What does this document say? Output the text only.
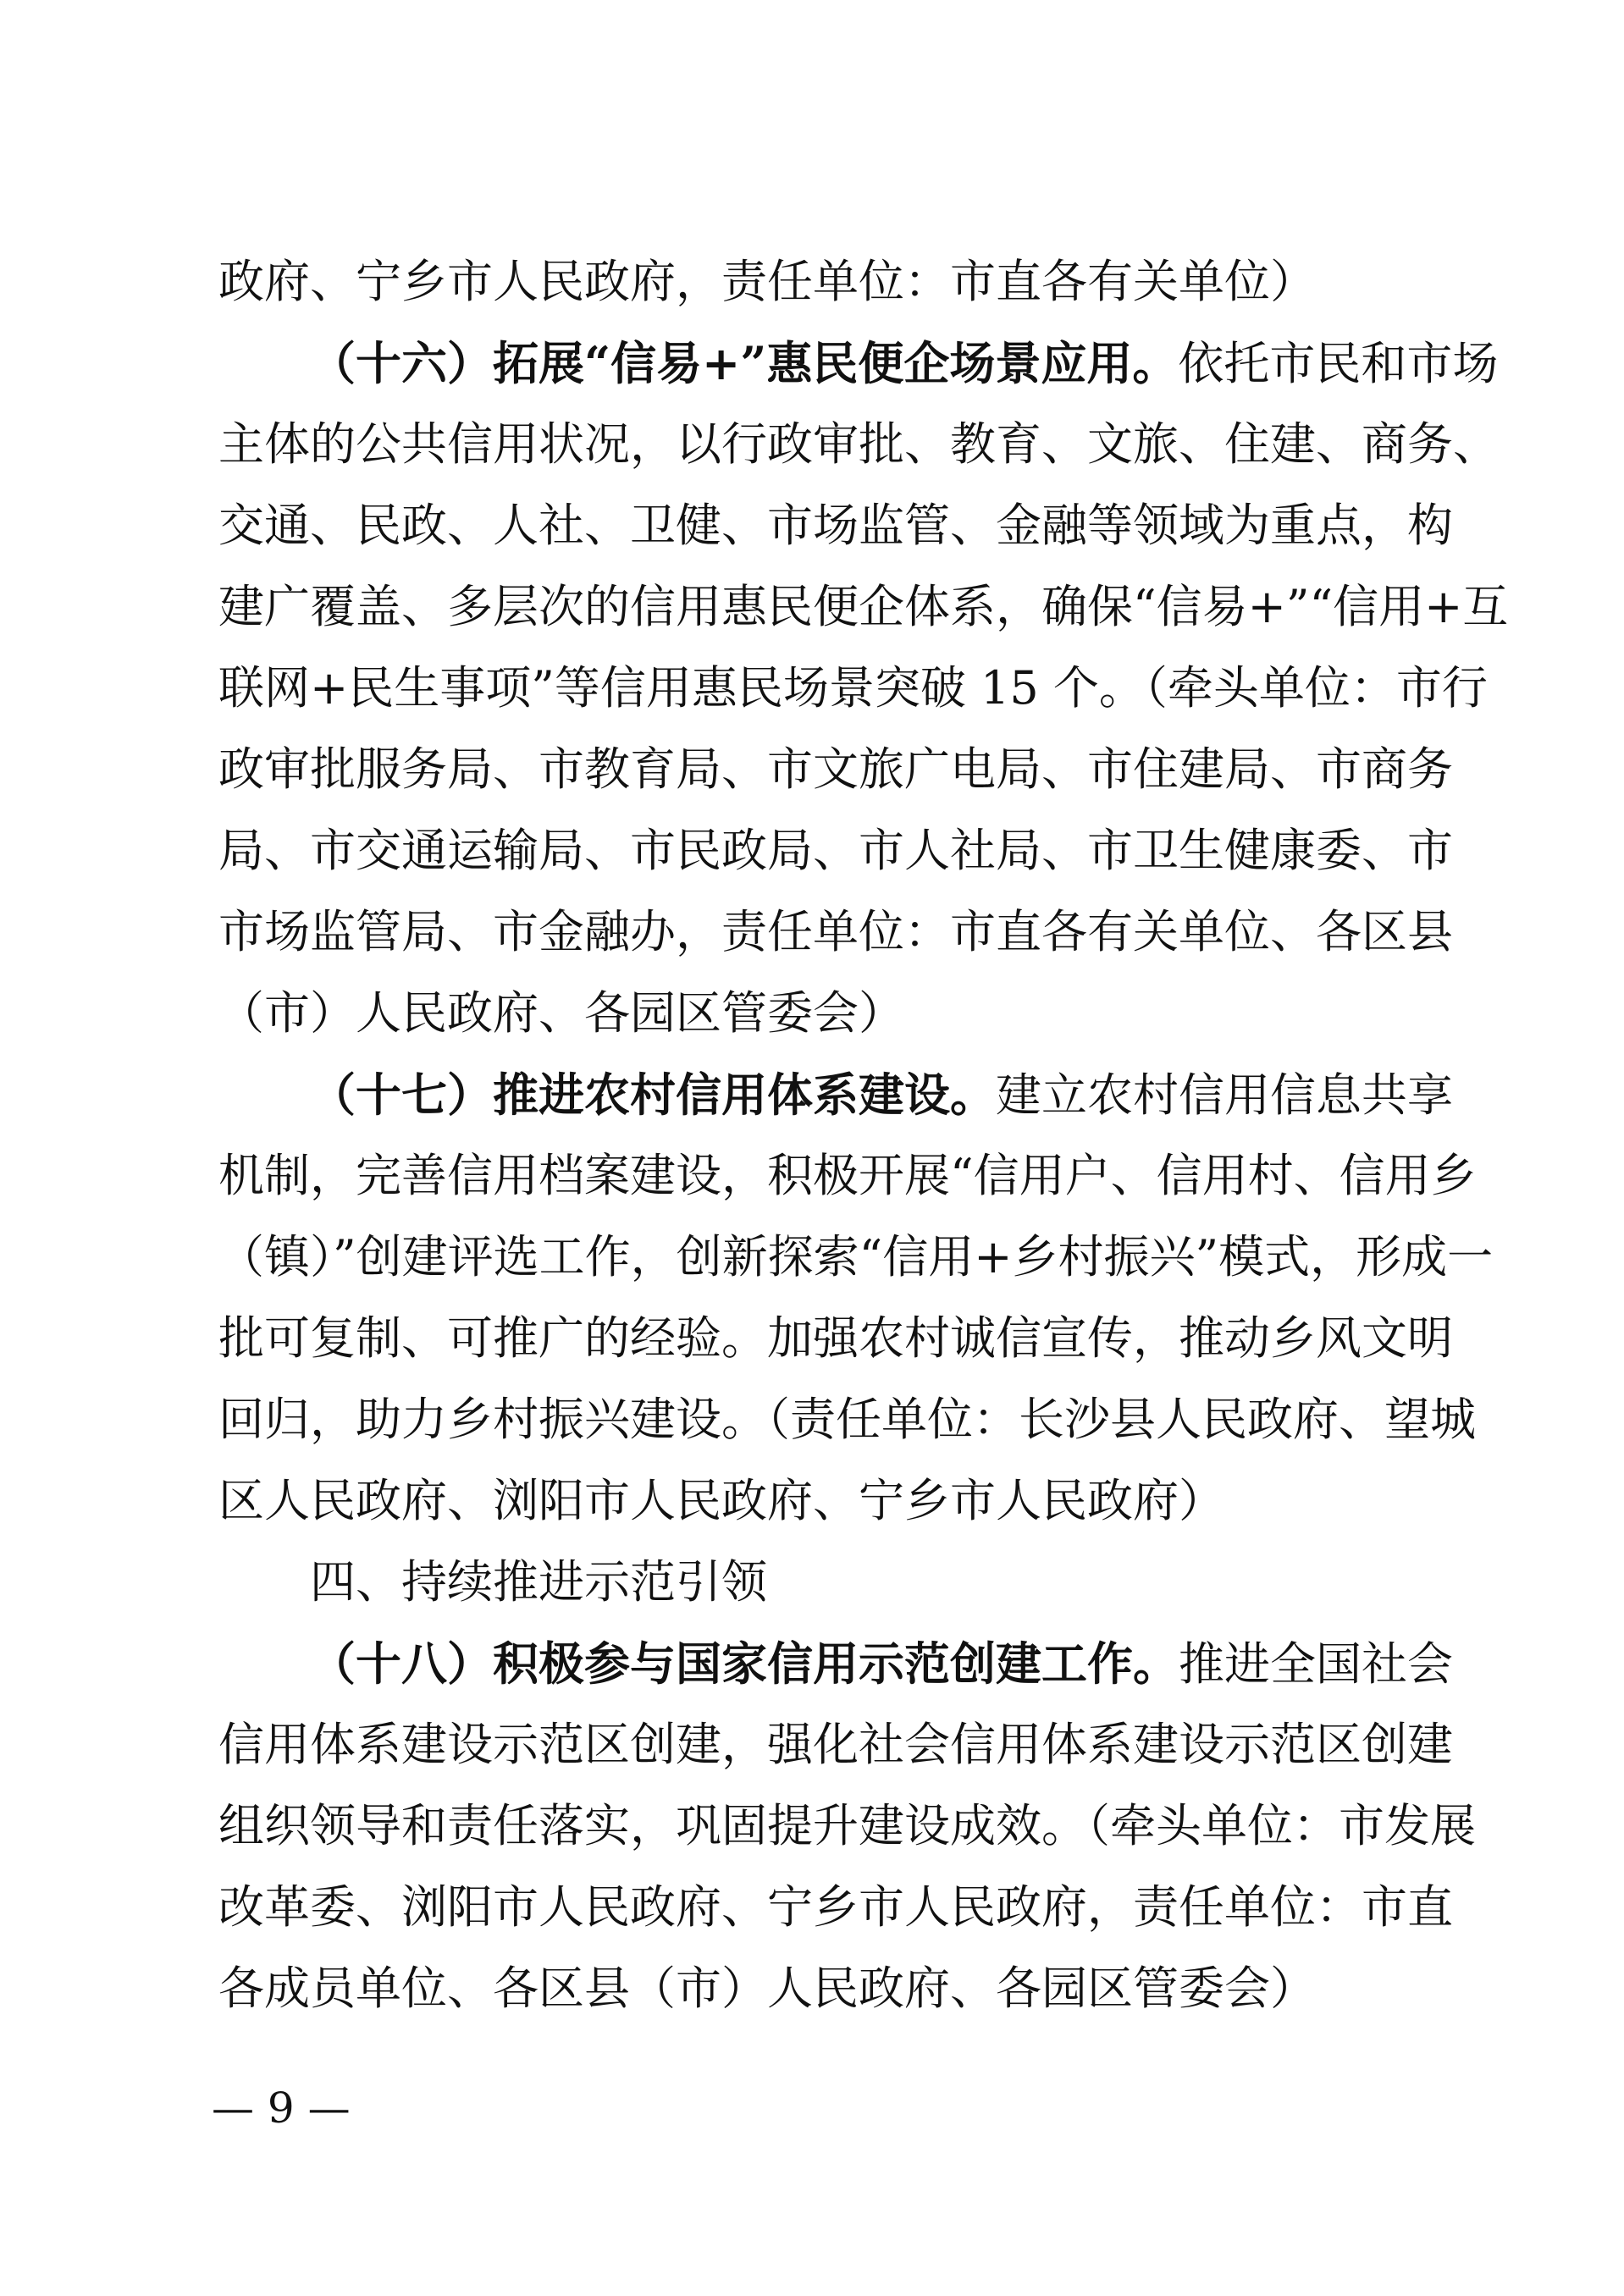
政府、宁乡市人民政府，责任单位：市直各有关单位）
（十六）拓展“信易+”惠民便企场景应用。依托市民和市场
主体的公共信用状况，以行政审批、教育、文旅、住建、商务、
交通、民政、人社、卫健、市场监管、金融等领域为重点，构
建广覆盖、多层次的信用惠民便企体系，确保“信易+”“信用+互
联网+民生事项”等信用惠民场景突破 15 个。（牵头单位：市行
政审批服务局、市教育局、市文旅广电局、市住建局、市商务
局、市交通运输局、市民政局、市人社局、市卫生健康委、市
市场监管局、市金融办，责任单位：市直各有关单位、各区县
（市）人民政府、各园区管委会）
（十七）推进农村信用体系建设。建立农村信用信息共享
机制，完善信用档案建设，积极开展“信用户、信用村、信用乡
（镇）”创建评选工作，创新探索“信用+乡村振兴”模式，形成一
批可复制、可推广的经验。加强农村诚信宣传，推动乡风文明
回归，助力乡村振兴建设。（责任单位：长沙县人民政府、望城
区人民政府、浏阳市人民政府、宁乡市人民政府）
四、持续推进示范引领
（十八）积极参与国家信用示范创建工作。推进全国社会
信用体系建设示范区创建，强化社会信用体系建设示范区创建
组织领导和责任落实，巩固提升建设成效。（牵头单位：市发展
改革委、浏阳市人民政府、宁乡市人民政府，责任单位：市直
各成员单位、各区县（市）人民政府、各园区管委会）
— 9 —
